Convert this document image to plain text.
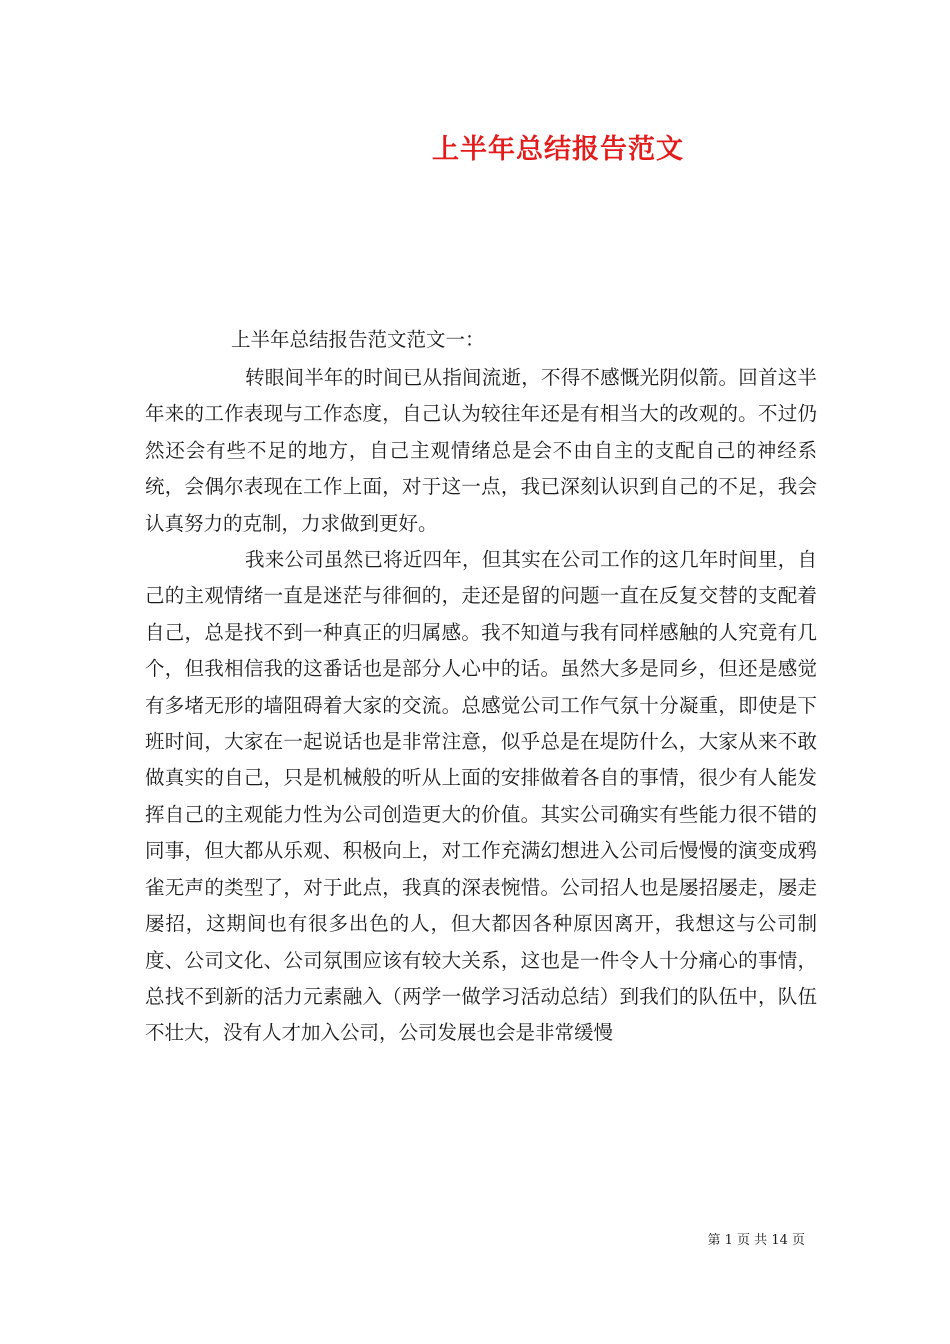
上半年总结报告范文
上半年总结报告范文范文一：

转眼间半年的时间已从指间流逝，不得不感慨光阴似箭。回首这半年来的工作表现与工作态度，自己认为较往年还是有相当大的改观的。不过仍然还会有些不足的地方，自己主观情绪总是会不由自主的支配自己的神经系统，会偶尔表现在工作上面，对于这一点，我已深刻认识到自己的不足，我会认真努力的克制，力求做到更好。

我来公司虽然已将近四年，但其实在公司工作的这几年时间里，自己的主观情绪一直是迷茫与徘徊的，走还是留的问题一直在反复交替的支配着自己，总是找不到一种真正的归属感。我不知道与我有同样感触的人究竟有几个，但我相信我的这番话也是部分人心中的话。虽然大多是同乡，但还是感觉有多堵无形的墙阻碍着大家的交流。总感觉公司工作气氛十分凝重，即使是下班时间，大家在一起说话也是非常注意，似乎总是在堤防什么，大家从来不敢做真实的自己，只是机械般的听从上面的安排做着各自的事情，很少有人能发挥自己的主观能力性为公司创造更大的价值。其实公司确实有些能力很不错的同事，但大都从乐观、积极向上，对工作充满幻想进入公司后慢慢的演变成鸦雀无声的类型了，对于此点，我真的深表惋惜。公司招人也是屡招屡走，屡走屡招，这期间也有很多出色的人，但大都因各种原因离开，我想这与公司制度、公司文化、公司氛围应该有较大关系，这也是一件令人十分痛心的事情，总找不到新的活力元素融入（两学一做学习活动总结）到我们的队伍中，队伍不壮大，没有人才加入公司，公司发展也会是非常缓慢

第 1 页 共 14 页
